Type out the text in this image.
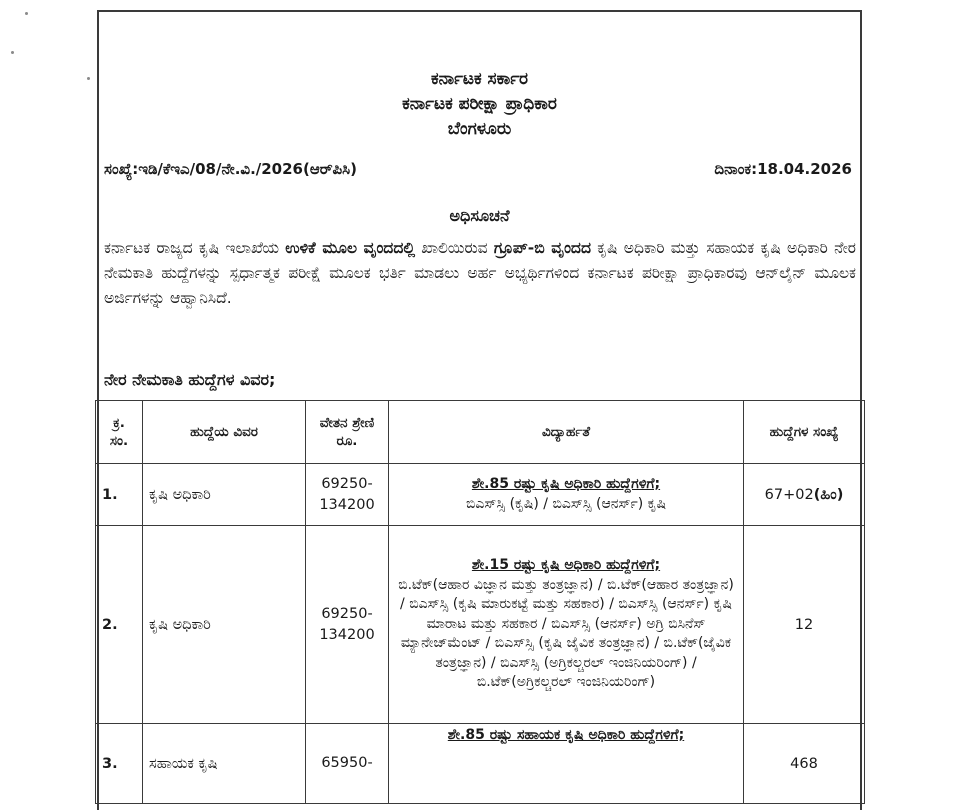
ಕರ್ನಾಟಕ ಸರ್ಕಾರ
ಕರ್ನಾಟಕ ಪರೀಕ್ಷಾ ಪ್ರಾಧಿಕಾರ
ಬೆಂಗಳೂರು
ಸಂಖ್ಯೆ:ಇಡಿ/ಕೆಇಎ/08/ನೇ.ವಿ./2026(ಆರ್‌ಪಿಸಿ)	ದಿನಾಂಕ:18.04.2026
ಅಧಿಸೂಚನೆ
ಕರ್ನಾಟಕ ರಾಜ್ಯದ ಕೃಷಿ ಇಲಾಖೆಯ ಉಳಿಕೆ ಮೂಲ ವೃಂದದಲ್ಲಿ ಖಾಲಿಯಿರುವ ಗ್ರೂಪ್-ಬಿ ವೃಂದದ ಕೃಷಿ ಅಧಿಕಾರಿ ಮತ್ತು ಸಹಾಯಕ ಕೃಷಿ ಅಧಿಕಾರಿ ನೇರ ನೇಮಕಾತಿ ಹುದ್ದೆಗಳನ್ನು ಸ್ಪರ್ಧಾತ್ಮಕ ಪರೀಕ್ಷೆ ಮೂಲಕ ಭರ್ತಿ ಮಾಡಲು ಅರ್ಹ ಅಭ್ಯರ್ಥಿಗಳಿಂದ ಕರ್ನಾಟಕ ಪರೀಕ್ಷಾ ಪ್ರಾಧಿಕಾರವು ಆನ್‌ಲೈನ್ ಮೂಲಕ ಅರ್ಜಿಗಳನ್ನು ಆಹ್ವಾನಿಸಿದೆ.
ನೇರ ನೇಮಕಾತಿ ಹುದ್ದೆಗಳ ವಿವರ;
ಕ್ರ. ಸಂ.	ಹುದ್ದೆಯ ವಿವರ	ವೇತನ ಶ್ರೇಣಿ ರೂ.	ವಿದ್ಯಾರ್ಹತೆ	ಹುದ್ದೆಗಳ ಸಂಖ್ಯೆ
1.	ಕೃಷಿ ಅಧಿಕಾರಿ	69250-134200	ಶೇ.85 ರಷ್ಟು ಕೃಷಿ ಅಧಿಕಾರಿ ಹುದ್ದೆಗಳಿಗೆ;
ಬಿಎಸ್‌ಸ್ಸಿ (ಕೃಷಿ) / ಬಿಎಸ್‌ಸ್ಸಿ (ಆನರ್ಸ್) ಕೃಷಿ	67+02(ಹಿಂ)
2.	ಕೃಷಿ ಅಧಿಕಾರಿ	69250-134200	ಶೇ.15 ರಷ್ಟು ಕೃಷಿ ಅಧಿಕಾರಿ ಹುದ್ದೆಗಳಿಗೆ;
ಬಿ.ಟೆಕ್(ಆಹಾರ ವಿಜ್ಞಾನ ಮತ್ತು ತಂತ್ರಜ್ಞಾನ) / ಬಿ.ಟೆಕ್(ಆಹಾರ ತಂತ್ರಜ್ಞಾನ) / ಬಿಎಸ್‌ಸ್ಸಿ (ಕೃಷಿ ಮಾರುಕಟ್ಟೆ ಮತ್ತು ಸಹಕಾರ) / ಬಿಎಸ್‌ಸ್ಸಿ (ಆನರ್ಸ್) ಕೃಷಿ ಮಾರಾಟ ಮತ್ತು ಸಹಕಾರ / ಬಿಎಸ್‌ಸ್ಸಿ (ಆನರ್ಸ್) ಅಗ್ರಿ ಬಿಸಿನೆಸ್ ಮ್ಯಾನೇಜ್‌ಮೆಂಟ್ / ಬಿಎಸ್‌ಸ್ಸಿ (ಕೃಷಿ ಜೈವಿಕ ತಂತ್ರಜ್ಞಾನ) / ಬಿ.ಟೆಕ್(ಜೈವಿಕ ತಂತ್ರಜ್ಞಾನ) / ಬಿಎಸ್‌ಸ್ಸಿ (ಅಗ್ರಿಕಲ್ಚರಲ್ ಇಂಜಿನಿಯರಿಂಗ್) / ಬಿ.ಟೆಕ್(ಅಗ್ರಿಕಲ್ಚರಲ್ ಇಂಜಿನಿಯರಿಂಗ್)	12
3.	ಸಹಾಯಕ ಕೃಷಿ	65950-	ಶೇ.85 ರಷ್ಟು ಸಹಾಯಕ ಕೃಷಿ ಅಧಿಕಾರಿ ಹುದ್ದೆಗಳಿಗೆ;	468
